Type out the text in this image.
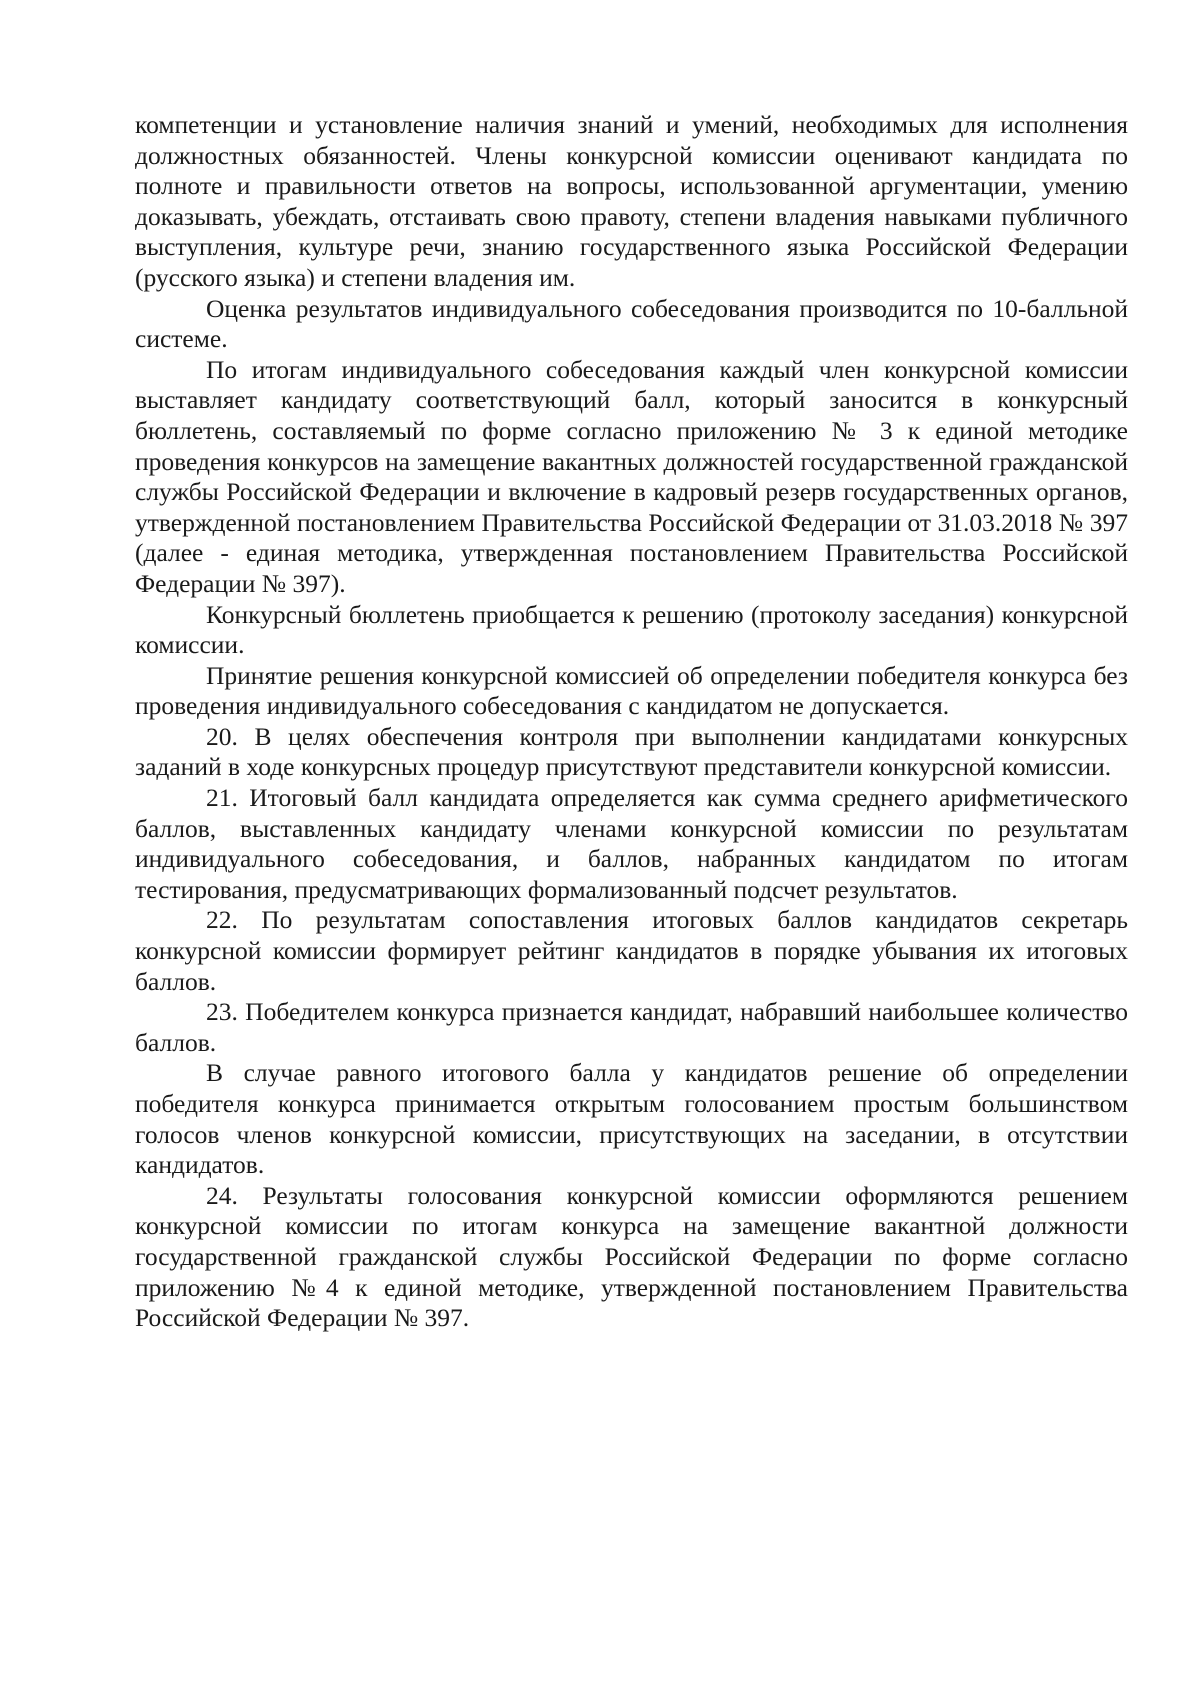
компетенции и установление наличия знаний и умений, необходимых для исполнения должностных обязанностей. Члены конкурсной комиссии оценивают кандидата по полноте и правильности ответов на вопросы, использованной аргументации, умению доказывать, убеждать, отстаивать свою правоту, степени владения навыками публичного выступления, культуре речи, знанию государственного языка Российской Федерации (русского языка) и степени владения им.

Оценка результатов индивидуального собеседования производится по 10-балльной системе.

По итогам индивидуального собеседования каждый член конкурсной комиссии выставляет кандидату соответствующий балл, который заносится в конкурсный бюллетень, составляемый по форме согласно приложению № 3 к единой методике проведения конкурсов на замещение вакантных должностей государственной гражданской службы Российской Федерации и включение в кадровый резерв государственных органов, утвержденной постановлением Правительства Российской Федерации от 31.03.2018 № 397 (далее - единая методика, утвержденная постановлением Правительства Российской Федерации № 397).

Конкурсный бюллетень приобщается к решению (протоколу заседания) конкурсной комиссии.

Принятие решения конкурсной комиссией об определении победителя конкурса без проведения индивидуального собеседования с кандидатом не допускается.

20. В целях обеспечения контроля при выполнении кандидатами конкурсных заданий в ходе конкурсных процедур присутствуют представители конкурсной комиссии.

21. Итоговый балл кандидата определяется как сумма среднего арифметического баллов, выставленных кандидату членами конкурсной комиссии по результатам индивидуального собеседования, и баллов, набранных кандидатом по итогам тестирования, предусматривающих формализованный подсчет результатов.

22. По результатам сопоставления итоговых баллов кандидатов секретарь конкурсной комиссии формирует рейтинг кандидатов в порядке убывания их итоговых баллов.

23. Победителем конкурса признается кандидат, набравший наибольшее количество баллов.

В случае равного итогового балла у кандидатов решение об определении победителя конкурса принимается открытым голосованием простым большинством голосов членов конкурсной комиссии, присутствующих на заседании, в отсутствии кандидатов.

24. Результаты голосования конкурсной комиссии оформляются решением конкурсной комиссии по итогам конкурса на замещение вакантной должности государственной гражданской службы Российской Федерации по форме согласно приложению №4 к единой методике, утвержденной постановлением Правительства Российской Федерации № 397.
